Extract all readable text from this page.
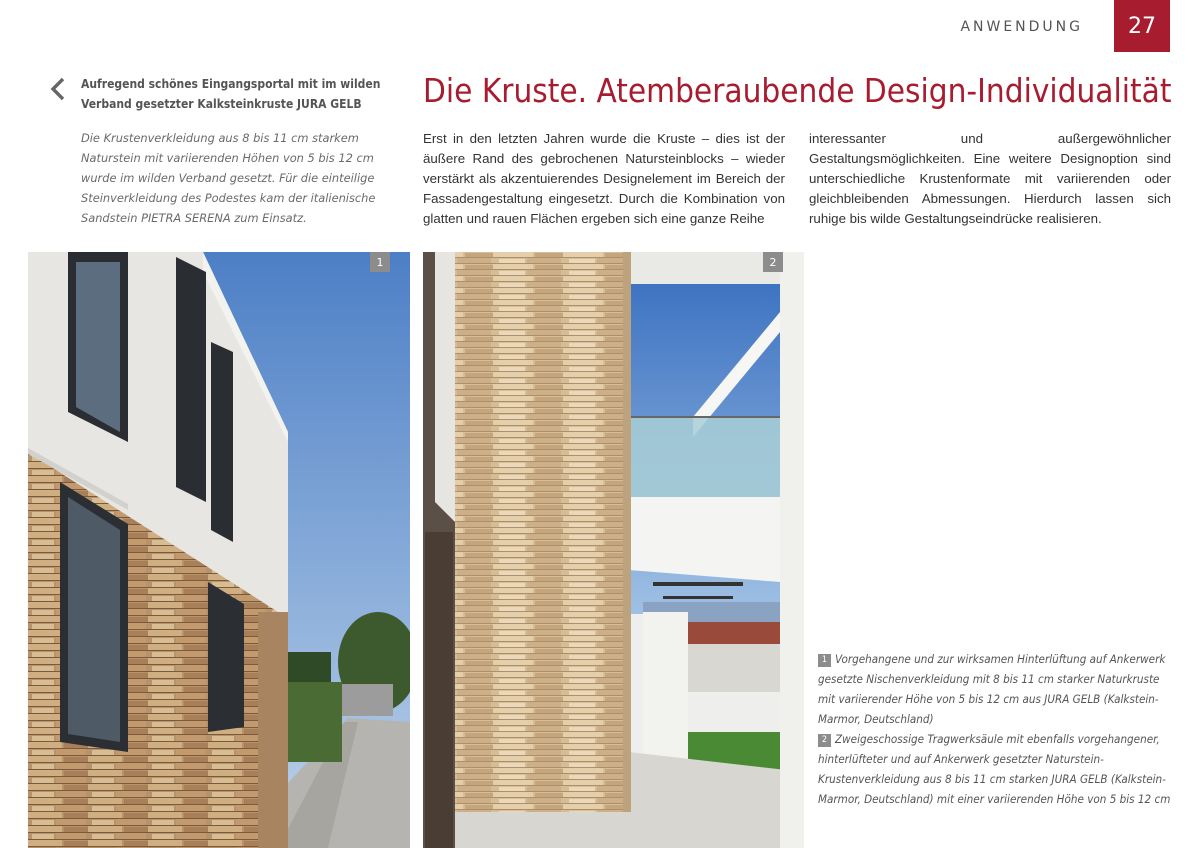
ANWENDUNG 27
Aufregend schönes Eingangsportal mit im wilden Verband gesetzter Kalksteinkruste JURA GELB
Die Krustenverkleidung aus 8 bis 11 cm starkem Naturstein mit variierenden Höhen von 5 bis 12 cm wurde im wilden Verband gesetzt. Für die einteilige Steinverkleidung des Podestes kam der italienische Sandstein PIETRA SERENA zum Einsatz.
Die Kruste. Atemberaubende Design-Individualität
Erst in den letzten Jahren wurde die Kruste – dies ist der äußere Rand des gebrochenen Natursteinblocks – wieder verstärkt als akzentuierendes Designelement im Bereich der Fassadengestaltung eingesetzt. Durch die Kombination von glatten und rauen Flächen ergeben sich eine ganze Reihe
interessanter und außergewöhnlicher Gestaltungsmöglichkeiten. Eine weitere Designoption sind unterschiedliche Krustenformate mit variierenden oder gleichbleibenden Abmessungen. Hierdurch lassen sich ruhige bis wilde Gestaltungseindrücke realisieren.
1	2
1 Vorgehangene und zur wirksamen Hinterlüftung auf Ankerwerk gesetzte Nischenverkleidung mit 8 bis 11 cm starker Naturkruste mit variierender Höhe von 5 bis 12 cm aus JURA GELB (Kalkstein-Marmor, Deutschland)
2 Zweigeschossige Tragwerksäule mit ebenfalls vorgehangener, hinterlüfteter und auf Ankerwerk gesetzter Naturstein-Krustenverkleidung aus 8 bis 11 cm starken JURA GELB (Kalkstein-Marmor, Deutschland) mit einer variierenden Höhe von 5 bis 12 cm
